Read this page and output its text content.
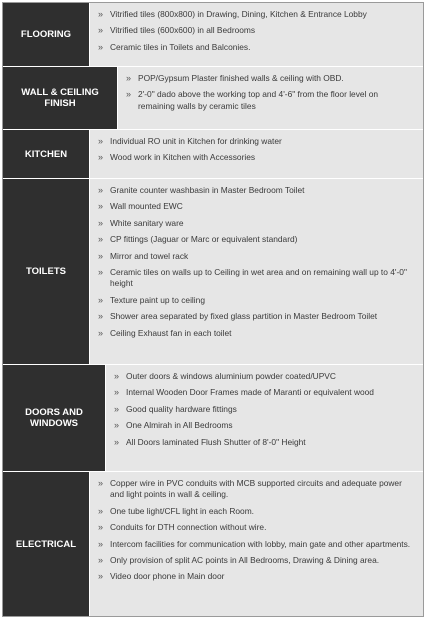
FLOORING
» Vitrified tiles (800x800) in Drawing, Dining, Kitchen & Entrance Lobby
» Vitrified tiles (600x600) in all Bedrooms
» Ceramic tiles in Toilets and Balconies.
WALL & CEILING FINISH
» POP/Gypsum Plaster finished walls & ceiling with OBD.
» 2'-0" dado above the working top and 4'-6" from the floor level on remaining walls by ceramic tiles
KITCHEN
» Individual RO unit in Kitchen for drinking water
» Wood work in Kitchen with Accessories
TOILETS
» Granite counter washbasin in Master Bedroom Toilet
» Wall mounted EWC
» White sanitary ware
» CP fittings (Jaguar or Marc or equivalent standard)
» Mirror and towel rack
» Ceramic tiles on walls up to Ceiling in wet area and on remaining wall up to 4'-0" height
» Texture paint up to ceiling
» Shower area separated by fixed glass partition in Master Bedroom Toilet
» Ceiling Exhaust fan in each toilet
DOORS AND WINDOWS
» Outer doors & windows aluminium powder coated/UPVC
» Internal Wooden Door Frames made of Maranti or equivalent wood
» Good quality hardware fittings
» One Almirah in All Bedrooms
» All Doors laminated Flush Shutter of 8'-0" Height
ELECTRICAL
» Copper wire in PVC conduits with MCB supported circuits and adequate power and light points in wall & ceiling.
» One tube light/CFL light in each Room.
» Conduits for DTH connection without wire.
» Intercom facilities for communication with lobby, main gate and other apartments.
» Only provision of split AC points in All Bedrooms, Drawing & Dining area.
» Video door phone in Main door
